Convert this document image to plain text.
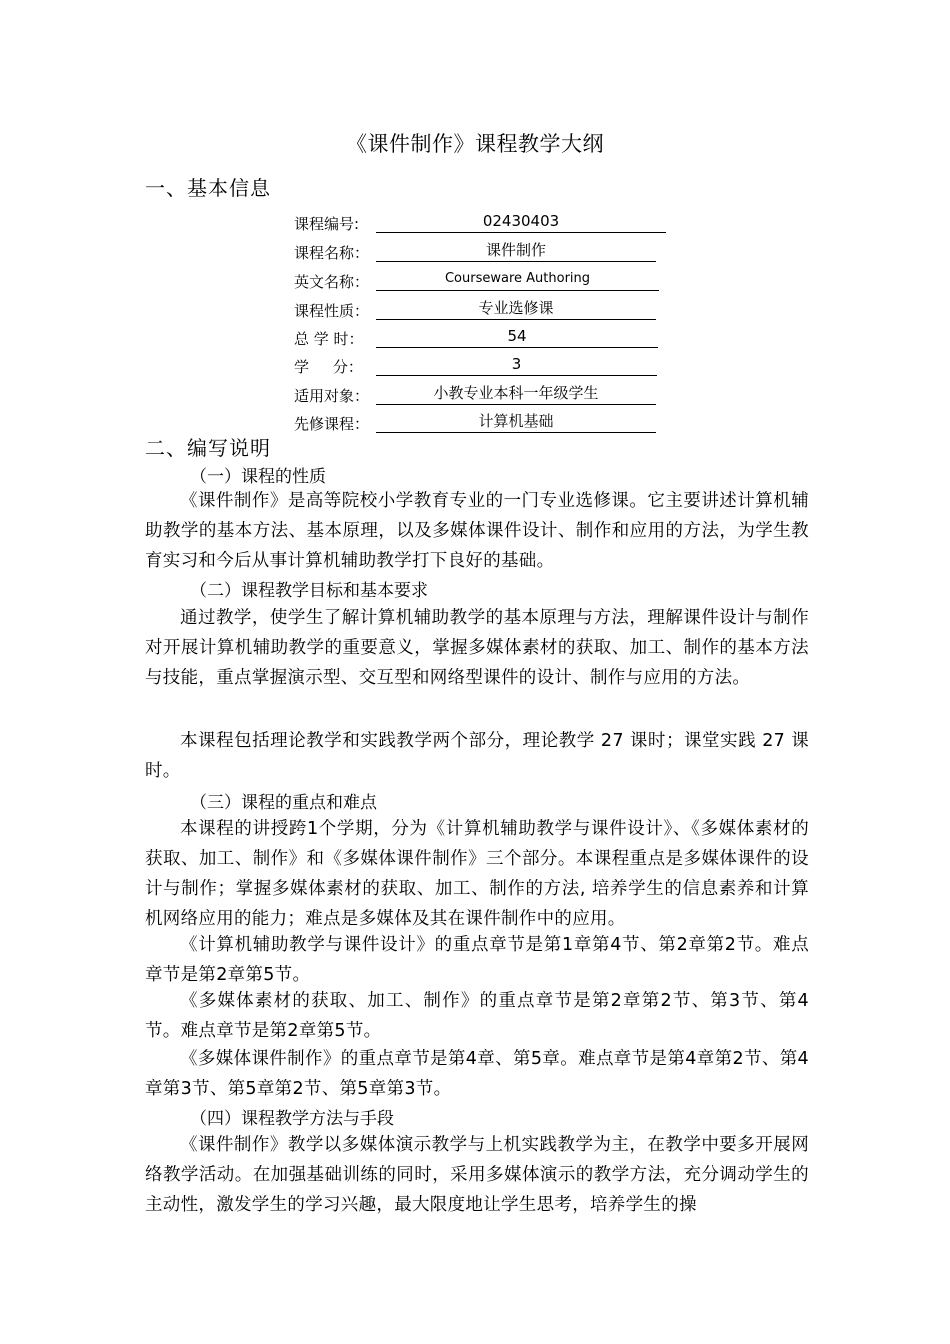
《课件制作》课程教学大纲
一、基本信息
课程编号:	02430403
课程名称：	课件制作
英文名称：	Courseware Authoring
课程性质：	专业选修课
总 学 时：	54
学     分：	3
适用对象：	小教专业本科一年级学生
先修课程：	计算机基础
二、编写说明
（一）课程的性质

《课件制作》是高等院校小学教育专业的一门专业选修课。它主要讲述计算机辅助教学的基本方法、基本原理，以及多媒体课件设计、制作和应用的方法，为学生教育实习和今后从事计算机辅助教学打下良好的基础。

（二）课程教学目标和基本要求

通过教学，使学生了解计算机辅助教学的基本原理与方法，理解课件设计与制作对开展计算机辅助教学的重要意义，掌握多媒体素材的获取、加工、制作的基本方法与技能，重点掌握演示型、交互型和网络型课件的设计、制作与应用的方法。

本课程包括理论教学和实践教学两个部分，理论教学 27 课时；课堂实践 27 课时。

（三）课程的重点和难点

本课程的讲授跨1个学期，分为《计算机辅助教学与课件设计》、《多媒体素材的获取、加工、制作》和《多媒体课件制作》三个部分。本课程重点是多媒体课件的设计与制作；掌握多媒体素材的获取、加工、制作的方法, 培养学生的信息素养和计算机网络应用的能力；难点是多媒体及其在课件制作中的应用。

《计算机辅助教学与课件设计》的重点章节是第1章第4节、第2章第2节。难点章节是第2章第5节。

《多媒体素材的获取、加工、制作》的重点章节是第2章第2节、第3节、第4节。难点章节是第2章第5节。

《多媒体课件制作》的重点章节是第4章、第5章。难点章节是第4章第2节、第4章第3节、第5章第2节、第5章第3节。

（四）课程教学方法与手段

《课件制作》教学以多媒体演示教学与上机实践教学为主，在教学中要多开展网络教学活动。在加强基础训练的同时，采用多媒体演示的教学方法，充分调动学生的主动性，激发学生的学习兴趣，最大限度地让学生思考，培养学生的操
